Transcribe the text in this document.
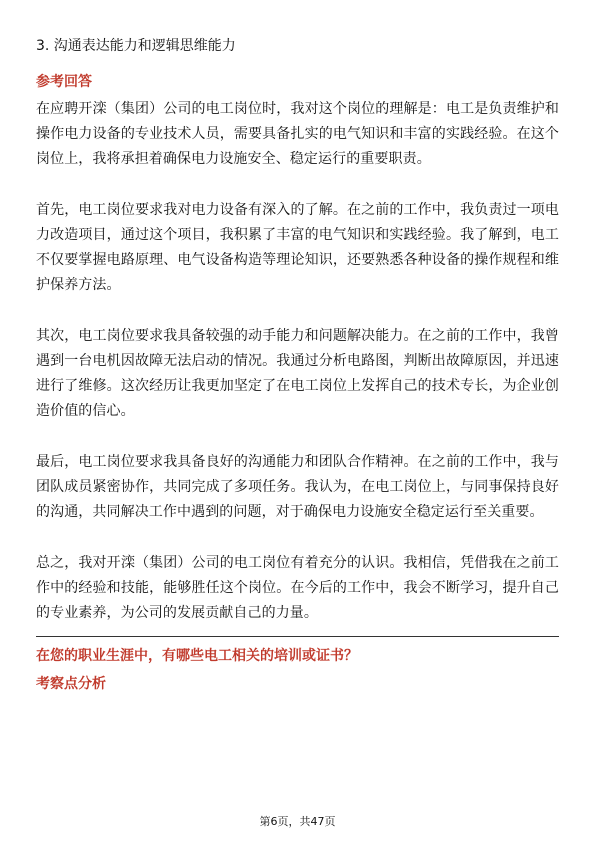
3. 沟通表达能力和逻辑思维能力
参考回答

在应聘开滦（集团）公司的电工岗位时，我对这个岗位的理解是：电工是负责维护和操作电力设备的专业技术人员，需要具备扎实的电气知识和丰富的实践经验。在这个岗位上，我将承担着确保电力设施安全、稳定运行的重要职责。

首先，电工岗位要求我对电力设备有深入的了解。在之前的工作中，我负责过一项电力改造项目，通过这个项目，我积累了丰富的电气知识和实践经验。我了解到，电工不仅要掌握电路原理、电气设备构造等理论知识，还要熟悉各种设备的操作规程和维护保养方法。

其次，电工岗位要求我具备较强的动手能力和问题解决能力。在之前的工作中，我曾遇到一台电机因故障无法启动的情况。我通过分析电路图，判断出故障原因，并迅速进行了维修。这次经历让我更加坚定了在电工岗位上发挥自己的技术专长，为企业创造价值的信心。

最后，电工岗位要求我具备良好的沟通能力和团队合作精神。在之前的工作中，我与团队成员紧密协作，共同完成了多项任务。我认为，在电工岗位上，与同事保持良好的沟通，共同解决工作中遇到的问题，对于确保电力设施安全稳定运行至关重要。

总之，我对开滦（集团）公司的电工岗位有着充分的认识。我相信，凭借我在之前工作中的经验和技能，能够胜任这个岗位。在今后的工作中，我会不断学习，提升自己的专业素养，为公司的发展贡献自己的力量。

在您的职业生涯中，有哪些电工相关的培训或证书？
考察点分析
第6页，共47页
